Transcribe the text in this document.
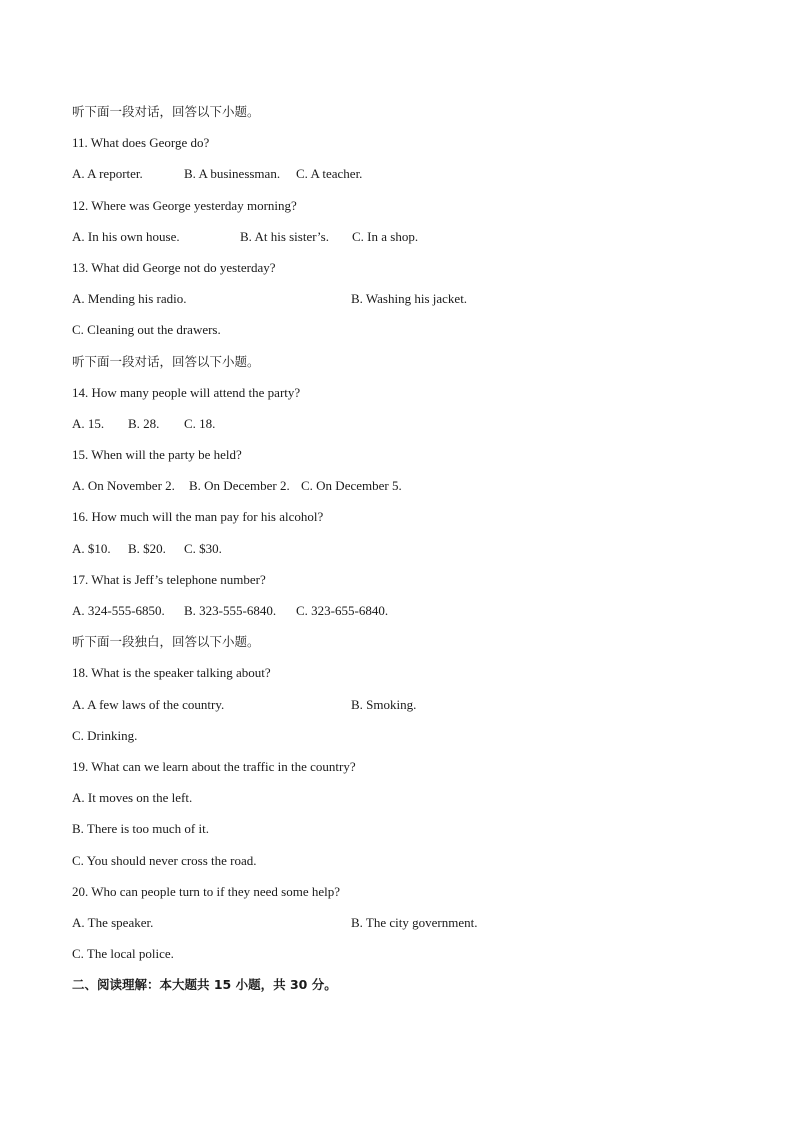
听下面一段对话，回答以下小题。
11. What does George do?
A. A reporter.	B. A businessman. C. A teacher.
12. Where was George yesterday morning?
A. In his own house.	B. At his sister’s. C. In a shop.
13. What did George not do yesterday?
A. Mending his radio.	B. Washing his jacket.
C. Cleaning out the drawers.
听下面一段对话，回答以下小题。
14. How many people will attend the party?
A. 15. B. 28. C. 18.
15. When will the party be held?
A. On November 2. B. On December 2. C. On December 5.
16. How much will the man pay for his alcohol?
A. $10. B. $20. C. $30.
17. What is Jeff’s telephone number?
A. 324-555-6850. B. 323-555-6840. C. 323-655-6840.
听下面一段独白，回答以下小题。
18. What is the speaker talking about?
A. A few laws of the country.	B. Smoking.
C. Drinking.
19. What can we learn about the traffic in the country?
A. It moves on the left.
B. There is too much of it.
C. You should never cross the road.
20. Who can people turn to if they need some help?
A. The speaker.	B. The city government.
C. The local police.
二、阅读理解：本大题共 15 小题，共 30 分。
